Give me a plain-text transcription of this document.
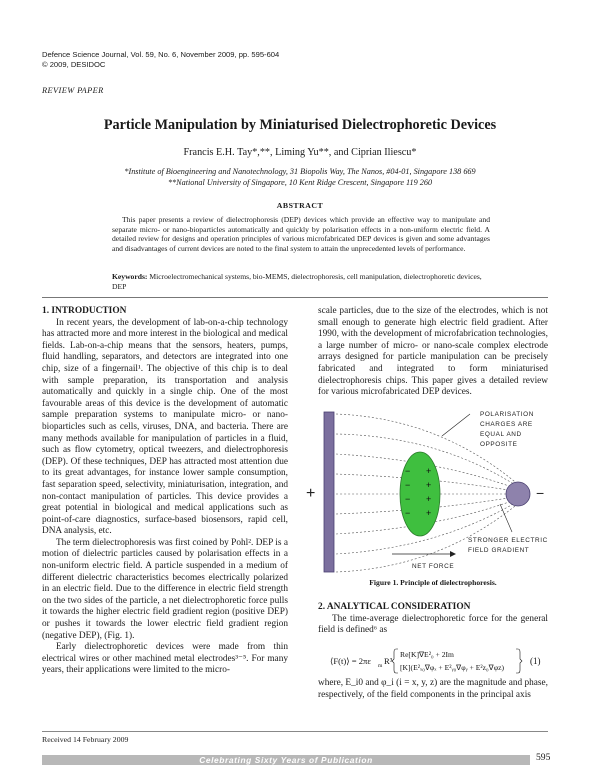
Defence Science Journal, Vol. 59, No. 6, November 2009, pp. 595-604
© 2009, DESIDOC
REVIEW PAPER
Particle Manipulation by Miniaturised Dielectrophoretic Devices
Francis E.H. Tay*,**, Liming Yu**, and Ciprian Iliescu*
*Institute of Bioengineering and Nanotechnology, 31 Biopolis Way, The Nanos, #04-01, Singapore 138 669
**National University of Singapore, 10 Kent Ridge Crescent, Singapore 119 260
ABSTRACT
This paper presents a review of dielectrophoresis (DEP) devices which provide an effective way to manipulate and separate micro- or nano-bioparticles automatically and quickly by polarisation effects in a non-uniform electric field. A detailed review for designs and operation principles of various microfabricated DEP devices is given and some advantages and disadvantages of current devices are noted to the final system to attain the unprecedented levels of performance.
Keywords: Microelectromechanical systems, bio-MEMS, dielectrophoresis, cell manipulation, dielectrophoretic devices, DEP

1. INTRODUCTION

In recent years, the development of lab-on-a-chip technology has attracted more and more interest in the biological and medical fields. Lab-on-a-chip means that the sensors, heaters, pumps, fluid handling, separators, and detectors are integrated into one chip, size of a fingernail¹. The objective of this chip is to deal with sample preparation, its transportation and analysis automatically and quickly in a single chip. One of the most favourable areas of this device is the development of automatic sample preparation systems to manipulate micro- or nano-bioparticles such as cells, viruses, DNA, and bacteria. There are many methods available for manipulation of particles in a fluid, such as flow cytometry, optical tweezers, and dielectrophoresis (DEP). Of these techniques, DEP has attracted most attention due to its great advantages, for instance lower sample consumption, fast separation speed, selectivity, miniaturisation, integration, and non-contact manipulation of particles. This device provides a great potential in biological and medical applications such as point-of-care diagnostics, surface-based biosensors, rapid cell, DNA analysis, etc.

The term dielectrophoresis was first coined by Pohl². DEP is a motion of dielectric particles caused by polarisation effects in a non-uniform electric field. A particle suspended in a medium of different dielectric characteristics becomes electrically polarized in an electric field. Due to the difference in electric field strength on the two sides of the particle, a net dielectrophoretic force pulls it towards the higher electric field gradient region (positive DEP) or pushes it towards the lower electric field gradient region (negative DEP), (Fig. 1).

Early dielectrophoretic devices were made from thin electrical wires or other machined metal electrodes³⁻⁵. For many years, their applications were limited to the micro-

scale particles, due to the size of the electrodes, which is not small enough to generate high electric field gradient. After 1990, with the development of microfabrication technologies, a large number of micro- or nano-scale complex electrode arrays designed for particle manipulation can be precisely fabricated and integrated to form miniaturised dielectrophoresis chips. This paper gives a detailed review for various microfabricated DEP devices.

+
− +
− +
− +
− +
−
POLARISATION
CHARGES ARE
EQUAL AND
OPPOSITE
STRONGER ELECTRIC
FIELD GRADIENT
NET FORCE
Figure 1. Principle of dielectrophoresis.

2. ANALYTICAL CONSIDERATION

The time-average dielectrophoretic force for the general field is defined⁶ as

⟨F(t)⟩ = 2πε m R³
Re[K]∇E²₀ + 2Im
[K](E²ₓ₀∇φₓ + E²ᵧ₀∇φᵧ + E²z₀∇φz)
(1)

where, E_i0 and φ_i (i = x, y, z) are the magnitude and phase, respectively, of the field components in the principal axis

Received 14 February 2009
Celebrating Sixty Years of Publication	595
